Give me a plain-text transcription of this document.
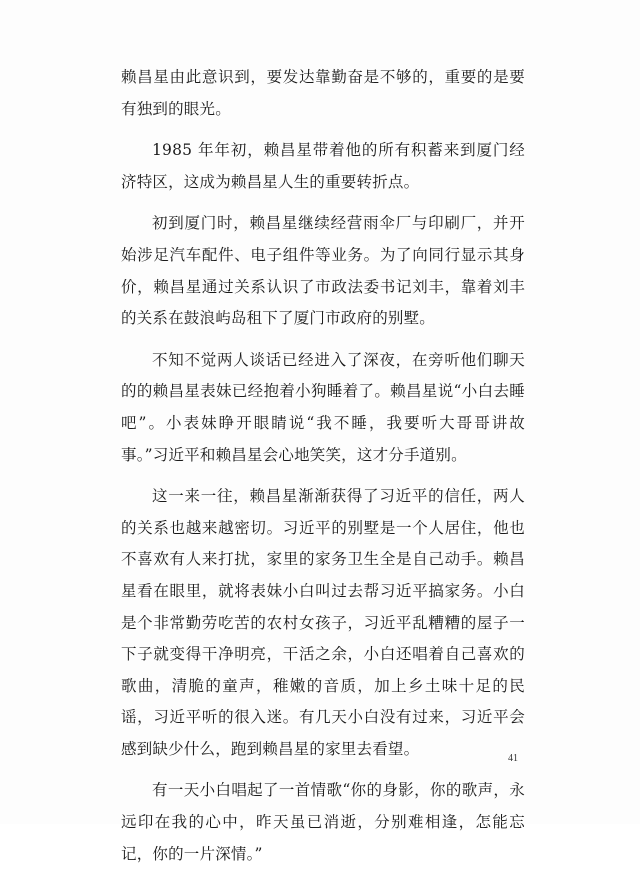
赖昌星由此意识到，要发达靠勤奋是不够的，重要的是要有独到的眼光。

1985 年年初，赖昌星带着他的所有积蓄来到厦门经济特区，这成为赖昌星人生的重要转折点。

初到厦门时，赖昌星继续经营雨伞厂与印刷厂，并开始涉足汽车配件、电子组件等业务。为了向同行显示其身价，赖昌星通过关系认识了市政法委书记刘丰，靠着刘丰的关系在鼓浪屿岛租下了厦门市政府的别墅。

不知不觉两人谈话已经进入了深夜，在旁听他们聊天的的赖昌星表妹已经抱着小狗睡着了。赖昌星说“小白去睡吧”。小表妹睁开眼睛说“我不睡，我要听大哥哥讲故事。”习近平和赖昌星会心地笑笑，这才分手道别。

这一来一往，赖昌星渐渐获得了习近平的信任，两人的关系也越来越密切。习近平的别墅是一个人居住，他也不喜欢有人来打扰，家里的家务卫生全是自己动手。赖昌星看在眼里，就将表妹小白叫过去帮习近平搞家务。小白是个非常勤劳吃苦的农村女孩子，习近平乱糟糟的屋子一下子就变得干净明亮，干活之余，小白还唱着自己喜欢的歌曲，清脆的童声，稚嫩的音质，加上乡土味十足的民谣，习近平听的很入迷。有几天小白没有过来，习近平会感到缺少什么，跑到赖昌星的家里去看望。

有一天小白唱起了一首情歌“你的身影，你的歌声，永远印在我的心中，昨天虽已消逝，分别难相逢，怎能忘记，你的一片深情。”

41
